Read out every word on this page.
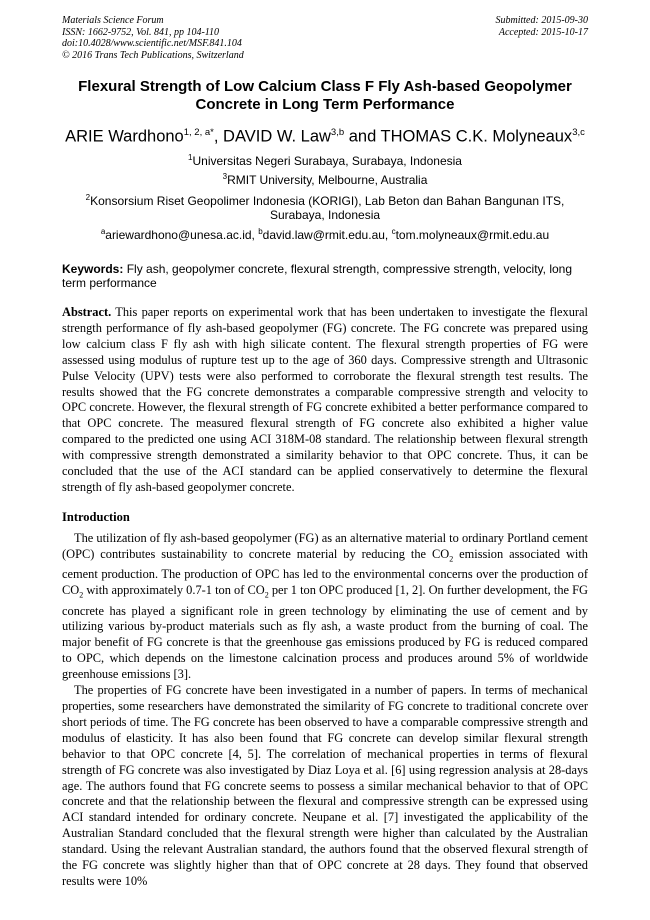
Materials Science Forum
ISSN: 1662-9752, Vol. 841, pp 104-110
doi:10.4028/www.scientific.net/MSF.841.104
© 2016 Trans Tech Publications, Switzerland
Submitted: 2015-09-30
Accepted: 2015-10-17
Flexural Strength of Low Calcium Class F Fly Ash-based Geopolymer
Concrete in Long Term Performance
ARIE Wardhono$^{1, 2, a*}$, DAVID W. Law$^{3,b}$ and THOMAS C.K. Molyneaux$^{3,c}$
$^1$Universitas Negeri Surabaya, Surabaya, Indonesia
$^3$RMIT University, Melbourne, Australia
$^2$Konsorsium Riset Geopolimer Indonesia (KORIGI), Lab Beton dan Bahan Bangunan ITS,
Surabaya, Indonesia
$^a$ariewardhono@unesa.ac.id, $^b$david.law@rmit.edu.au, $^c$tom.molyneaux@rmit.edu.au
Keywords: Fly ash, geopolymer concrete, flexural strength, compressive strength, velocity, long term performance
Abstract. This paper reports on experimental work that has been undertaken to investigate the flexural strength performance of fly ash-based geopolymer (FG) concrete. The FG concrete was prepared using low calcium class F fly ash with high silicate content. The flexural strength properties of FG were assessed using modulus of rupture test up to the age of 360 days. Compressive strength and Ultrasonic Pulse Velocity (UPV) tests were also performed to corroborate the flexural strength test results. The results showed that the FG concrete demonstrates a comparable compressive strength and velocity to OPC concrete. However, the flexural strength of FG concrete exhibited a better performance compared to that OPC concrete. The measured flexural strength of FG concrete also exhibited a higher value compared to the predicted one using ACI 318M-08 standard. The relationship between flexural strength with compressive strength demonstrated a similarity behavior to that OPC concrete. Thus, it can be concluded that the use of the ACI standard can be applied conservatively to determine the flexural strength of fly ash-based geopolymer concrete.
Introduction

The utilization of fly ash-based geopolymer (FG) as an alternative material to ordinary Portland cement (OPC) contributes sustainability to concrete material by reducing the $CO_2$ emission associated with cement production. The production of OPC has led to the environmental concerns over the production of $CO_2$ with approximately 0.7-1 ton of $CO_2$ per 1 ton OPC produced [1, 2]. On further development, the FG concrete has played a significant role in green technology by eliminating the use of cement and by utilizing various by-product materials such as fly ash, a waste product from the burning of coal. The major benefit of FG concrete is that the greenhouse gas emissions produced by FG is reduced compared to OPC, which depends on the limestone calcination process and produces around 5% of worldwide greenhouse emissions [3].

The properties of FG concrete have been investigated in a number of papers. In terms of mechanical properties, some researchers have demonstrated the similarity of FG concrete to traditional concrete over short periods of time. The FG concrete has been observed to have a comparable compressive strength and modulus of elasticity. It has also been found that FG concrete can develop similar flexural strength behavior to that OPC concrete [4, 5]. The correlation of mechanical properties in terms of flexural strength of FG concrete was also investigated by Diaz Loya et al. [6] using regression analysis at 28-days age. The authors found that FG concrete seems to possess a similar mechanical behavior to that of OPC concrete and that the relationship between the flexural and compressive strength can be expressed using ACI standard intended for ordinary concrete. Neupane et al. [7] investigated the applicability of the Australian Standard concluded that the flexural strength were higher than calculated by the Australian standard. Using the relevant Australian standard, the authors found that the observed flexural strength of the FG concrete was slightly higher than that of OPC concrete at 28 days. They found that observed results were 10%
